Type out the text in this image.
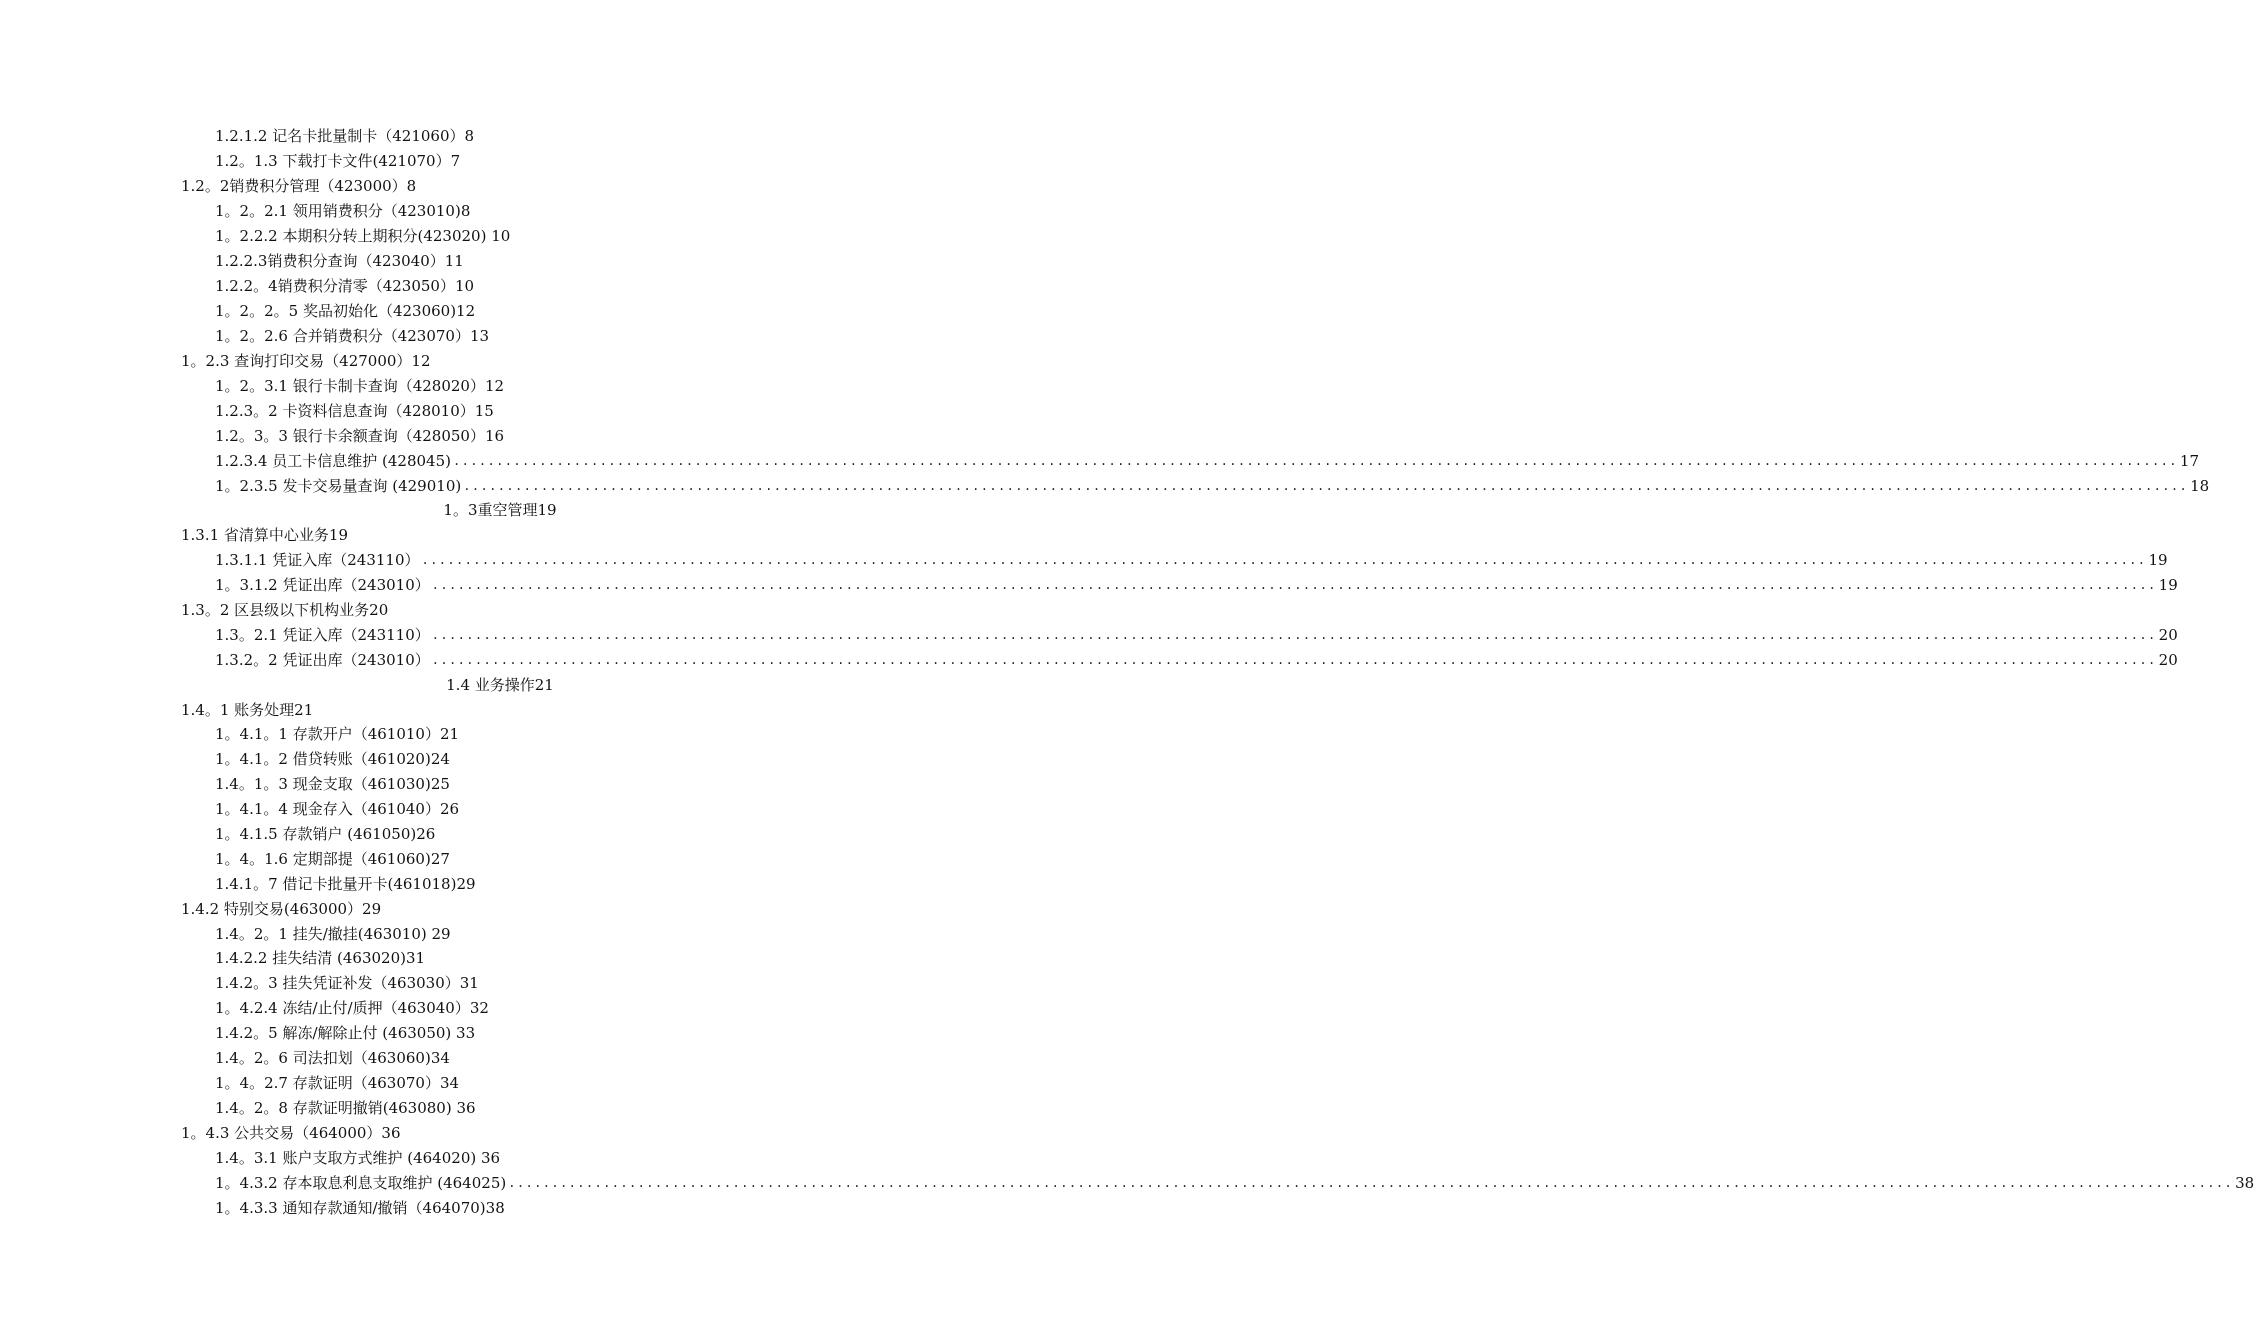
1.2.1.2 记名卡批量制卡（421060）8
1.2。1.3 下载打卡文件(421070）7
1.2。2销费积分管理（423000）8
1。2。2.1 领用销费积分（423010)8
1。2.2.2 本期积分转上期积分(423020) 10
1.2.2.3销费积分查询（423040）11
1.2.2。4销费积分清零（423050）10
1。2。2。5 奖品初始化（423060)12
1。2。2.6 合并销费积分（423070）13
1。2.3 查询打印交易（427000）12
1。2。3.1 银行卡制卡查询（428020）12
1.2.3。2 卡资料信息查询（428010）15
1.2。3。3 银行卡余额查询（428050）16
1.2.3.4 员工卡信息维护 (428045) ........................................................................................................................................................................................................ 17
1。2.3.5 发卡交易量查询 (429010) ........................................................................................................................................................................................................ 18
1。3重空管理19
1.3.1 省清算中心业务19
1.3.1.1 凭证入库（243110） ........................................................................................................................................................................................................ 19
1。3.1.2 凭证出库（243010） ........................................................................................................................................................................................................ 19
1.3。2 区县级以下机构业务20
1.3。2.1 凭证入库（243110） ........................................................................................................................................................................................................ 20
1.3.2。2 凭证出库（243010） ........................................................................................................................................................................................................ 20
1.4 业务操作21
1.4。1 账务处理21
1。4.1。1 存款开户（461010）21
1。4.1。2 借贷转账（461020)24
1.4。1。3 现金支取（461030)25
1。4.1。4 现金存入（461040）26
1。4.1.5 存款销户 (461050)26
1。4。1.6 定期部提（461060)27
1.4.1。7 借记卡批量开卡(461018)29
1.4.2 特别交易(463000）29
1.4。2。1 挂失/撤挂(463010) 29
1.4.2.2 挂失结清 (463020)31
1.4.2。3 挂失凭证补发（463030）31
1。4.2.4 冻结/止付/质押（463040）32
1.4.2。5 解冻/解除止付 (463050) 33
1.4。2。6 司法扣划（463060)34
1。4。2.7 存款证明（463070）34
1.4。2。8 存款证明撤销(463080) 36
1。4.3 公共交易（464000）36
1.4。3.1 账户支取方式维护 (464020) 36
1。4.3.2 存本取息利息支取维护 (464025) ........................................................................................................................................................................................................ 38
1。4.3.3 通知存款通知/撤销（464070)38
